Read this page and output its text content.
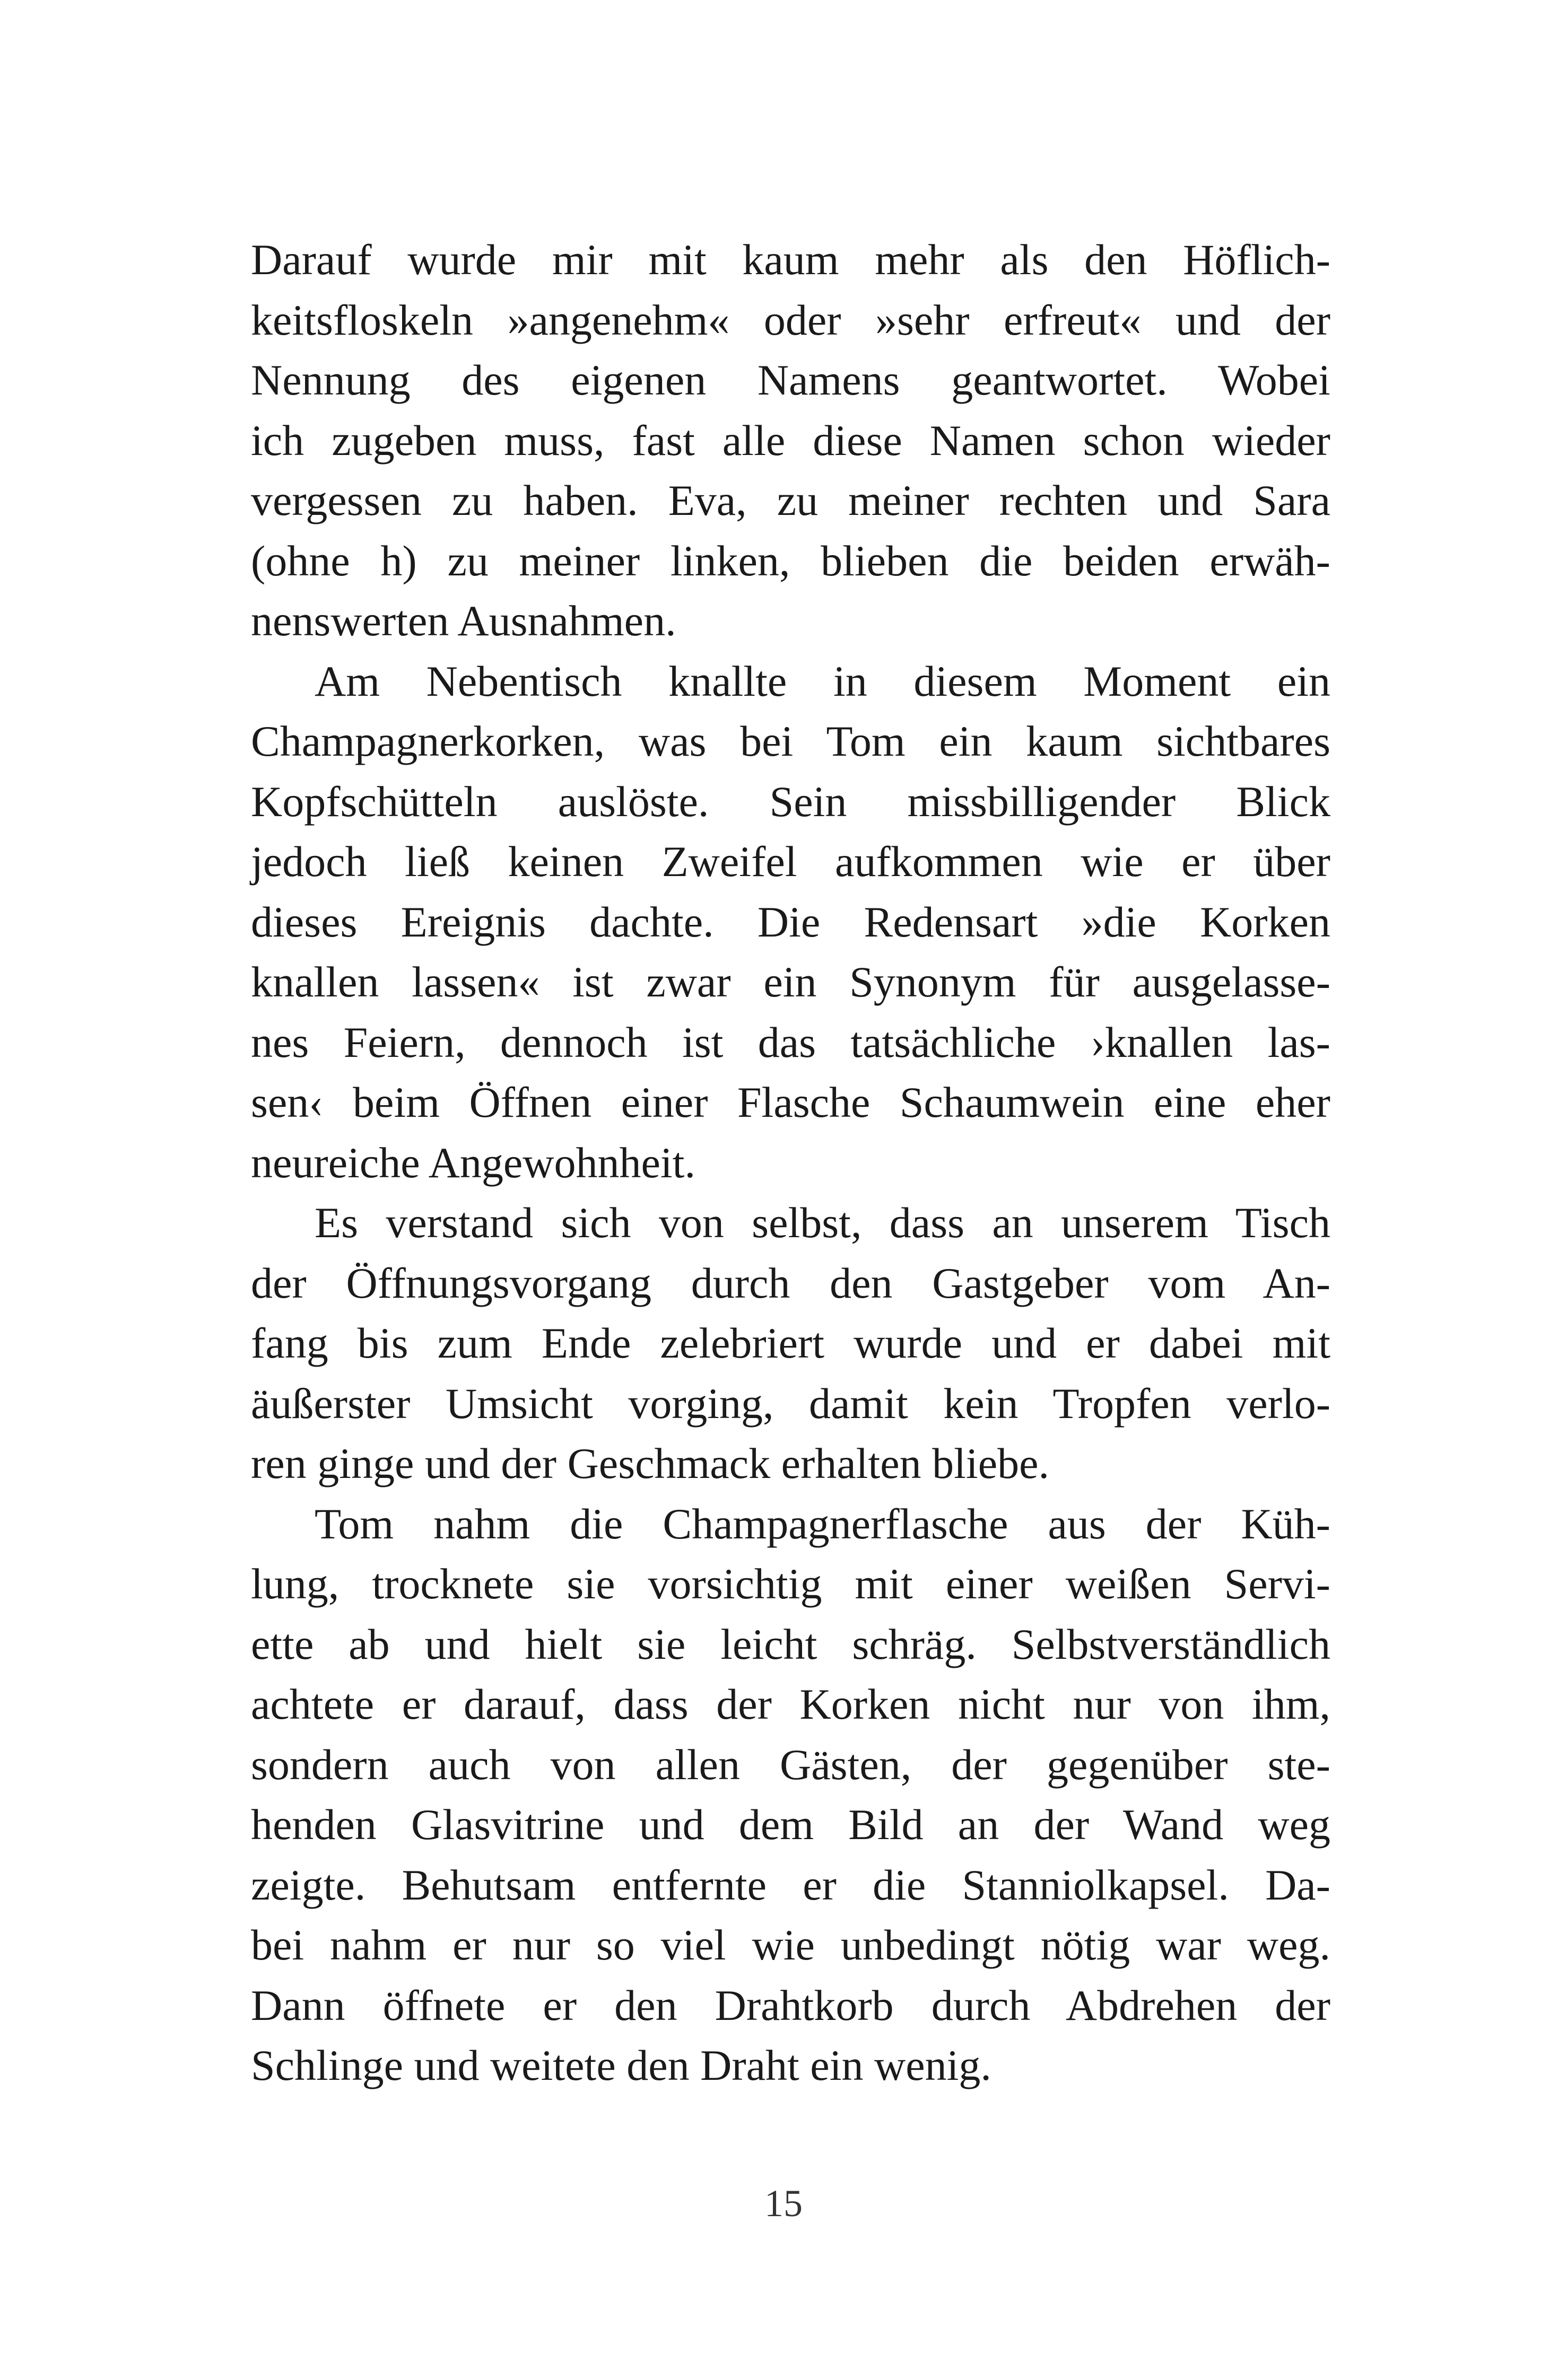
Darauf wurde mir mit kaum mehr als den Höflich-
keitsfloskeln »angenehm« oder »sehr erfreut« und der
Nennung des eigenen Namens geantwortet. Wobei
ich zugeben muss, fast alle diese Namen schon wieder
vergessen zu haben. Eva, zu meiner rechten und Sara
(ohne h) zu meiner linken, blieben die beiden erwäh-
nenswerten Ausnahmen.
Am Nebentisch knallte in diesem Moment ein
Champagnerkorken, was bei Tom ein kaum sichtbares
Kopfschütteln auslöste. Sein missbilligender Blick
jedoch ließ keinen Zweifel aufkommen wie er über
dieses Ereignis dachte. Die Redensart »die Korken
knallen lassen« ist zwar ein Synonym für ausgelasse-
nes Feiern, dennoch ist das tatsächliche ›knallen las-
sen‹ beim Öffnen einer Flasche Schaumwein eine eher
neureiche Angewohnheit.
Es verstand sich von selbst, dass an unserem Tisch
der Öffnungsvorgang durch den Gastgeber vom An-
fang bis zum Ende zelebriert wurde und er dabei mit
äußerster Umsicht vorging, damit kein Tropfen verlo-
ren ginge und der Geschmack erhalten bliebe.
Tom nahm die Champagnerflasche aus der Küh-
lung, trocknete sie vorsichtig mit einer weißen Servi-
ette ab und hielt sie leicht schräg. Selbstverständlich
achtete er darauf, dass der Korken nicht nur von ihm,
sondern auch von allen Gästen, der gegenüber ste-
henden Glasvitrine und dem Bild an der Wand weg
zeigte. Behutsam entfernte er die Stanniolkapsel. Da-
bei nahm er nur so viel wie unbedingt nötig war weg.
Dann öffnete er den Drahtkorb durch Abdrehen der
Schlinge und weitete den Draht ein wenig.
15
